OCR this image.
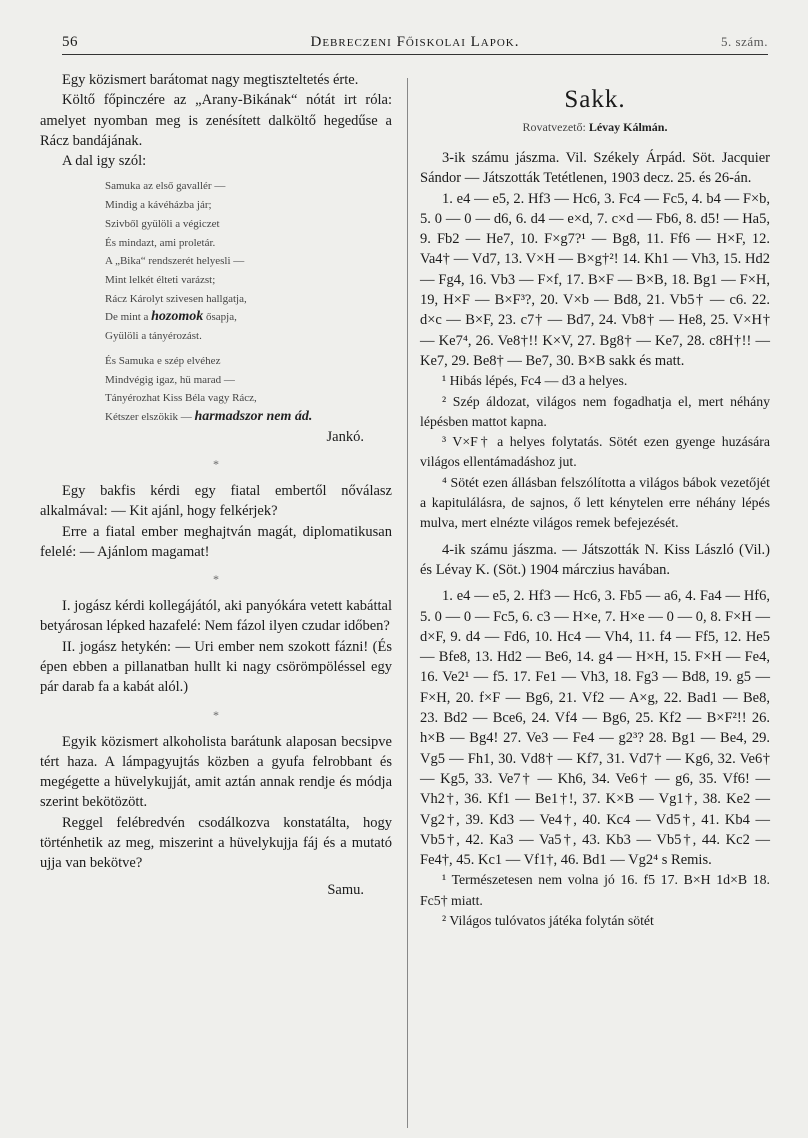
56	Debreczeni Főiskolai Lapok.	5. szám.

Egy közismert barátomat nagy megtiszteltetés érte.

Költő főpinczére az „Arany-Bikának“ nótát irt róla: amelyet nyomban meg is zenésített dalköltő hegedűse a Rácz bandájának.

A dal igy szól:

Samuka az első gavallér —

Mindig a kávéházba jár;

Szivből gyülöli a végiczet

És mindazt, ami proletár.

A „Bika“ rendszerét helyesli —

Mint lelkét élteti varázst;

Rácz Károlyt szivesen hallgatja,

De mint a hozomok ősapja,

Gyülöli a tányérozást.

És Samuka e szép elvéhez

Mindvégig igaz, hü marad —

Tányérozhat Kiss Béla vagy Rácz,

Kétszer elszökik — harmadszor nem ád.

Jankó.

*

Egy bakfis kérdi egy fiatal embertől nőválasz alkalmával: — Kit ajánl, hogy felkérjek?

Erre a fiatal ember meghajtván magát, diplomatikusan felelé: — Ajánlom magamat!

*

I. jogász kérdi kollegájától, aki panyókára vetett kabáttal betyárosan lépked hazafelé: Nem fázol ilyen czudar időben?

II. jogász hetykén: — Uri ember nem szokott fázni! (És épen ebben a pillanatban hullt ki nagy csörömpöléssel egy pár darab fa a kabát alól.)

*

Egyik közismert alkoholista barátunk alaposan becsipve tért haza. A lámpagyujtás közben a gyufa felrobbant és megégette a hüvelykujját, amit aztán annak rendje és módja szerint bekötözött.

Reggel felébredvén csodálkozva konstatálta, hogy történhetik az meg, miszerint a hüvelykujja fáj és a mutató ujja van bekötve?

Samu.

Sakk.
Rovatvezető: Lévay Kálmán.

3-ik számu jászma. Vil. Székely Árpád. Söt. Jacquier Sándor — Játszották Tetétlenen, 1903 decz. 25. és 26-án.

1. e4 — e5, 2. Hf3 — Hc6, 3. Fc4 — Fc5, 4. b4 — F×b, 5. 0 — 0 — d6, 6. d4 — e×d, 7. c×d — Fb6, 8. d5! — Ha5, 9. Fb2 — He7, 10. F×g7?¹ — Bg8, 11. Ff6 — H×F, 12. Va4† — Vd7, 13. V×H — B×g†²! 14. Kh1 — Vh3, 15. Hd2 — Fg4, 16. Vb3 — F×f, 17. B×F — B×B, 18. Bg1 — F×H, 19, H×F — B×F³?, 20. V×b — Bd8, 21. Vb5† — c6. 22. d×c — B×F, 23. c7† — Bd7, 24. Vb8† — He8, 25. V×H† — Ke7⁴, 26. Ve8†!! K×V, 27. Bg8† — Ke7, 28. c8H†!! — Ke7, 29. Be8† — Be7, 30. B×B sakk és matt.

¹ Hibás lépés, Fc4 — d3 a helyes.

² Szép áldozat, világos nem fogadhatja el, mert néhány lépésben mattot kapna.

³ V×F† a helyes folytatás. Sötét ezen gyenge huzására világos ellentámadáshoz jut.

⁴ Sötét ezen állásban felszólította a világos bábok vezetőjét a kapitulálásra, de sajnos, ő lett kénytelen erre néhány lépés mulva, mert elnézte világos remek befejezését.

4-ik számu jászma. — Játszották N. Kiss László (Vil.) és Lévay K. (Söt.) 1904 márczius havában.

1. e4 — e5, 2. Hf3 — Hc6, 3. Fb5 — a6, 4. Fa4 — Hf6, 5. 0 — 0 — Fc5, 6. c3 — H×e, 7. H×e — 0 — 0, 8. F×H — d×F, 9. d4 — Fd6, 10. Hc4 — Vh4, 11. f4 — Ff5, 12. He5 — Bfe8, 13. Hd2 — Be6, 14. g4 — H×H, 15. F×H — Fe4, 16. Ve2¹ — f5. 17. Fe1 — Vh3, 18. Fg3 — Bd8, 19. g5 — F×H, 20. f×F — Bg6, 21. Vf2 — A×g, 22. Bad1 — Be8, 23. Bd2 — Bce6, 24. Vf4 — Bg6, 25. Kf2 — B×F²!! 26. h×B — Bg4! 27. Ve3 — Fe4 — g2³? 28. Bg1 — Be4, 29. Vg5 — Fh1, 30. Vd8† — Kf7, 31. Vd7† — Kg6, 32. Ve6† — Kg5, 33. Ve7† — Kh6, 34. Ve6† — g6, 35. Vf6! — Vh2†, 36. Kf1 — Be1†!, 37. K×B — Vg1†, 38. Ke2 — Vg2†, 39. Kd3 — Ve4†, 40. Kc4 — Vd5†, 41. Kb4 — Vb5†, 42. Ka3 — Va5†, 43. Kb3 — Vb5†, 44. Kc2 — Fe4†, 45. Kc1 — Vf1†, 46. Bd1 — Vg2⁴ s Remis.

¹ Természetesen nem volna jó 16. f5 17. B×H 1d×B 18. Fc5† miatt.

² Világos tulóvatos játéka folytán sötét
